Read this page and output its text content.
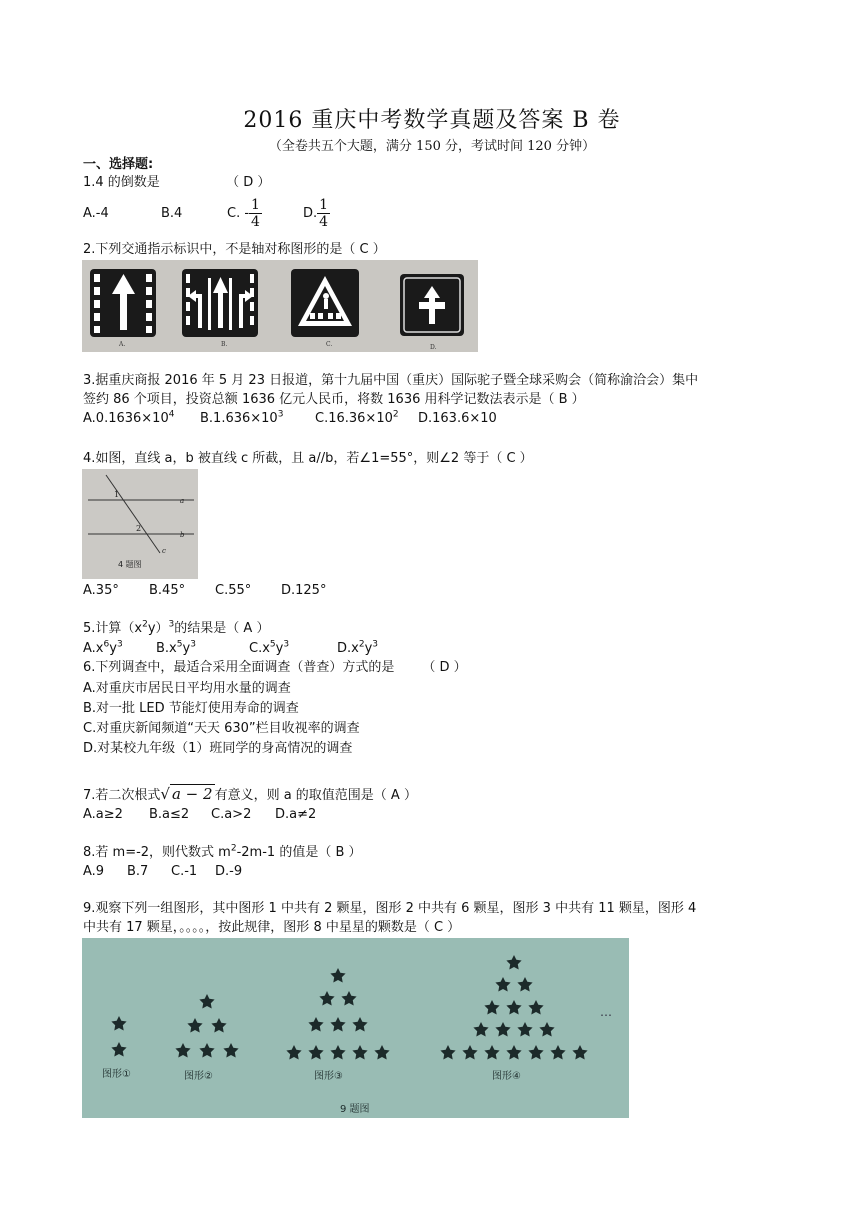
2016 重庆中考数学真题及答案 B 卷
（全卷共五个大题，满分 150 分，考试时间 120 分钟）
一、选择题:
1.4 的倒数是	（ D ）
A.-4	B.4	C. - $\frac{1}{4}$	D. $\frac{1}{4}$
2.下列交通指示标识中，不是轴对称图形的是（ C ）
A.	B.	C.	D.
3.据重庆商报 2016 年 5 月 23 日报道，第十九届中国（重庆）国际驼子暨全球采购会（简称渝洽会）集中
签约 86 个项目，投资总额 1636 亿元人民币，将数 1636 用科学记数法表示是（ B ）
$A.0.1636\times 10^4$ $B.1.636\times 10^3$ $C.16.36\times 10^2$ D.163.6×10
4.如图，直线 a，b 被直线 c 所截，且 a//b，若∠1=55°，则∠2 等于（ C ）
1
2
a
b
c
4 题图
A.35° B.45° C.55° D.125°
5.计算$(x^2y)^3$的结果是（ A ）
$A.x^6y^3$	$B.x^5y^3$	$C.x^5y^3$	$D.x^2y^3$
6.下列调查中，最适合采用全面调查（普查）方式的是 （ D ）
A.对重庆市居民日平均用水量的调查
B.对一批 LED 节能灯使用寿命的调查
C.对重庆新闻频道“天天 630”栏目收视率的调查
D.对某校九年级（1）班同学的身高情况的调查
7.若二次根式√ a − 2 有意义，则 a 的取值范围是（ A ）
A.a≥2 B.a≤2 C.a>2 D.a≠2
8.若 m=-2，则代数式 $m^2-2m-1$ 的值是（ B ）
A.9 B.7 C.-1 D.-9
9.观察下列一组图形，其中图形 1 中共有 2 颗星，图形 2 中共有 6 颗星，图形 3 中共有 11 颗星，图形 4
中共有 17 颗星，。。。。，按此规律，图形 8 中星星的颗数是（ C ）
…
图形①	图形②	图形③	图形④
9 题图
